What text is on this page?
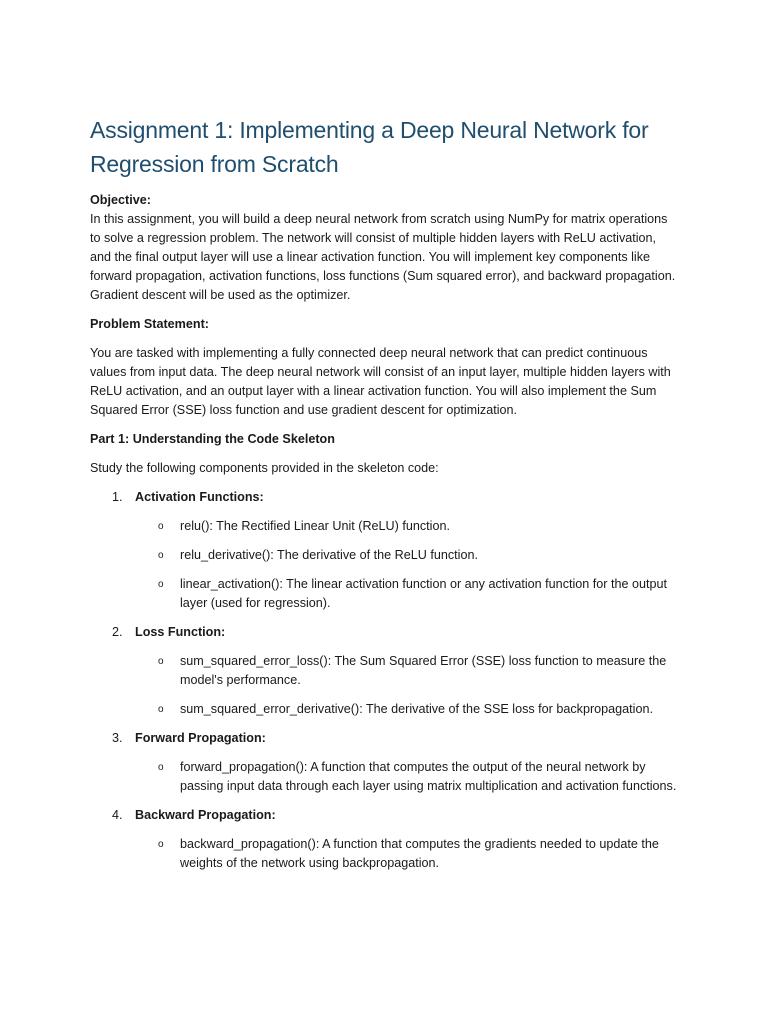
Assignment 1: Implementing a Deep Neural Network for Regression from Scratch

Objective:

In this assignment, you will build a deep neural network from scratch using NumPy for matrix operations to solve a regression problem. The network will consist of multiple hidden layers with ReLU activation, and the final output layer will use a linear activation function. You will implement key components like forward propagation, activation functions, loss functions (Sum squared error), and backward propagation. Gradient descent will be used as the optimizer.

Problem Statement:

You are tasked with implementing a fully connected deep neural network that can predict continuous values from input data. The deep neural network will consist of an input layer, multiple hidden layers with ReLU activation, and an output layer with a linear activation function. You will also implement the Sum Squared Error (SSE) loss function and use gradient descent for optimization.

Part 1: Understanding the Code Skeleton

Study the following components provided in the skeleton code:

1. Activation Functions:
o relu(): The Rectified Linear Unit (ReLU) function.
o relu_derivative(): The derivative of the ReLU function.
o linear_activation(): The linear activation function or any activation function for the output layer (used for regression).
2. Loss Function:
o sum_squared_error_loss(): The Sum Squared Error (SSE) loss function to measure the model's performance.
o sum_squared_error_derivative(): The derivative of the SSE loss for backpropagation.
3. Forward Propagation:
o forward_propagation(): A function that computes the output of the neural network by passing input data through each layer using matrix multiplication and activation functions.
4. Backward Propagation:
o backward_propagation(): A function that computes the gradients needed to update the weights of the network using backpropagation.
